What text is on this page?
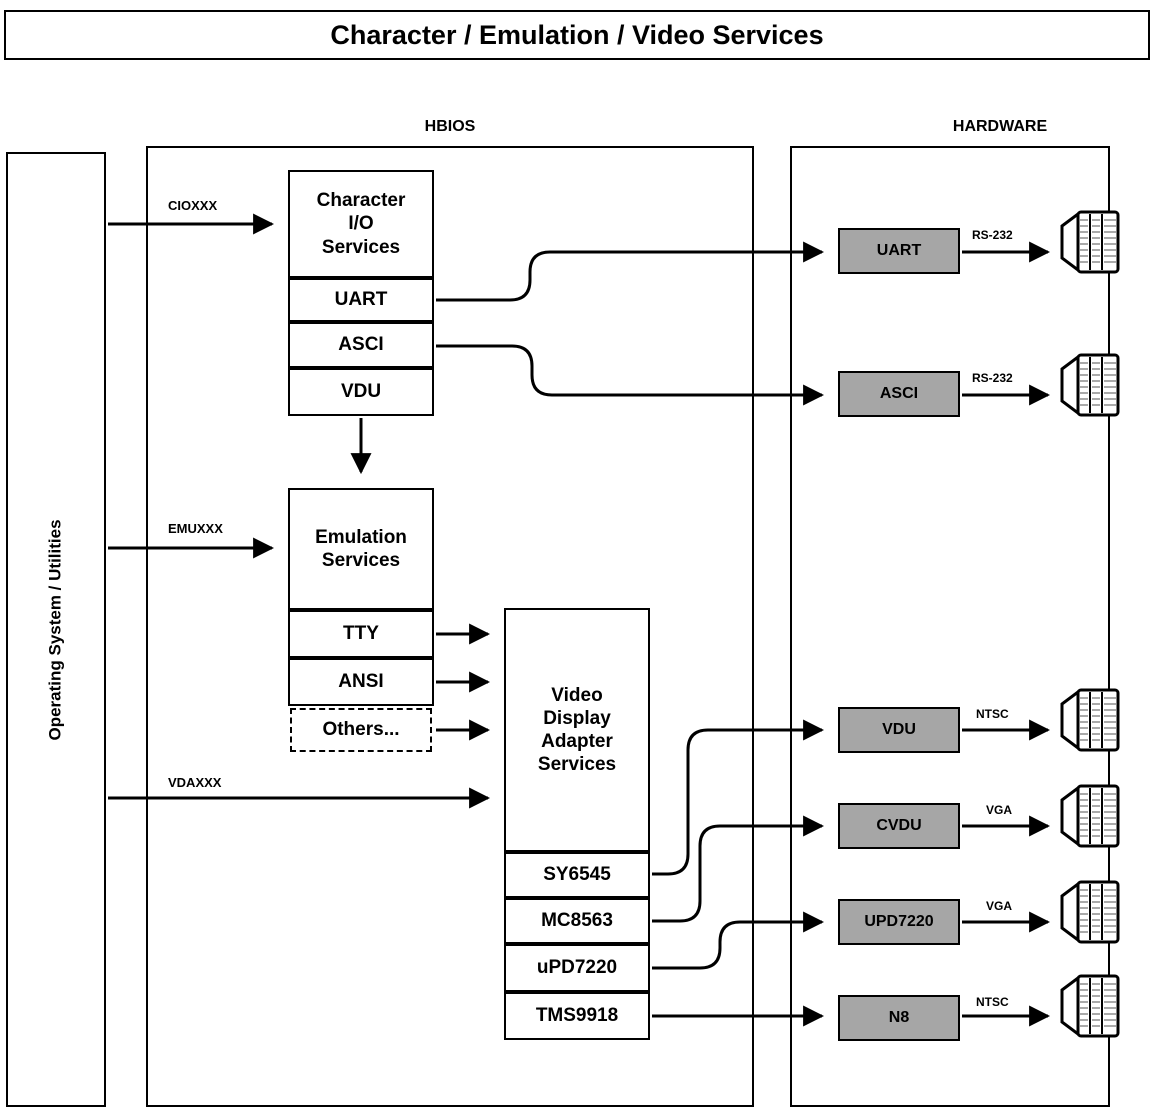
Character / Emulation / Video Services
HBIOS	HARDWARE
Operating System / Utilities
Character
I/O
Services
UART
ASCI
VDU
Emulation
Services
TTY
ANSI
Others...
Video
Display
Adapter
Services
SY6545
MC8563
uPD7220
TMS9918
CIOXXX
EMUXXX
VDAXXX
UART
ASCI
VDU
CVDU
UPD7220
N8
RS-232
RS-232
NTSC
VGA
VGA
NTSC
